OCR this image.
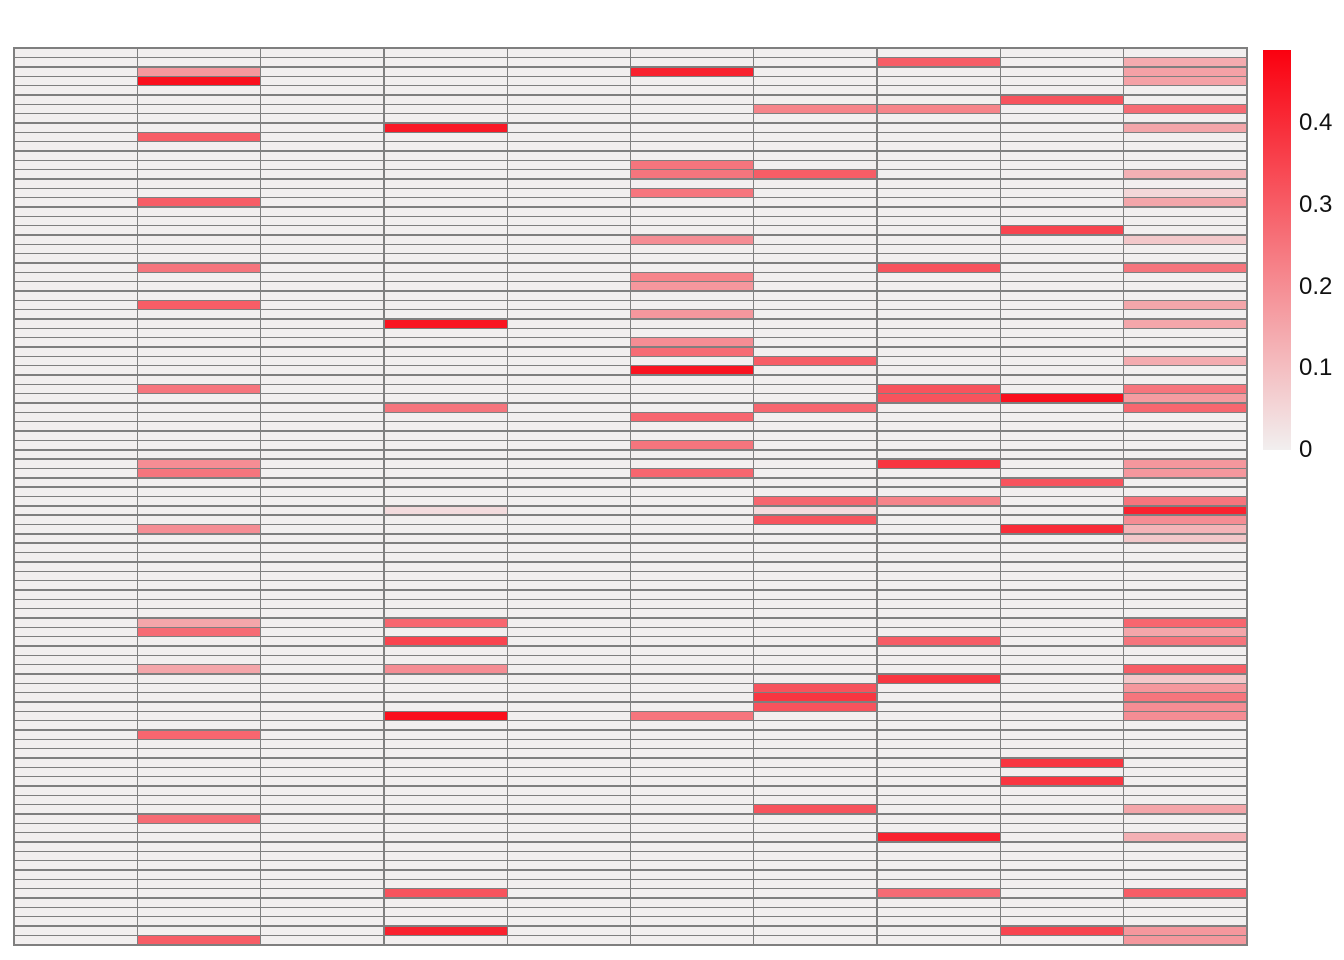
0.4
0.3
0.2
0.1
0
